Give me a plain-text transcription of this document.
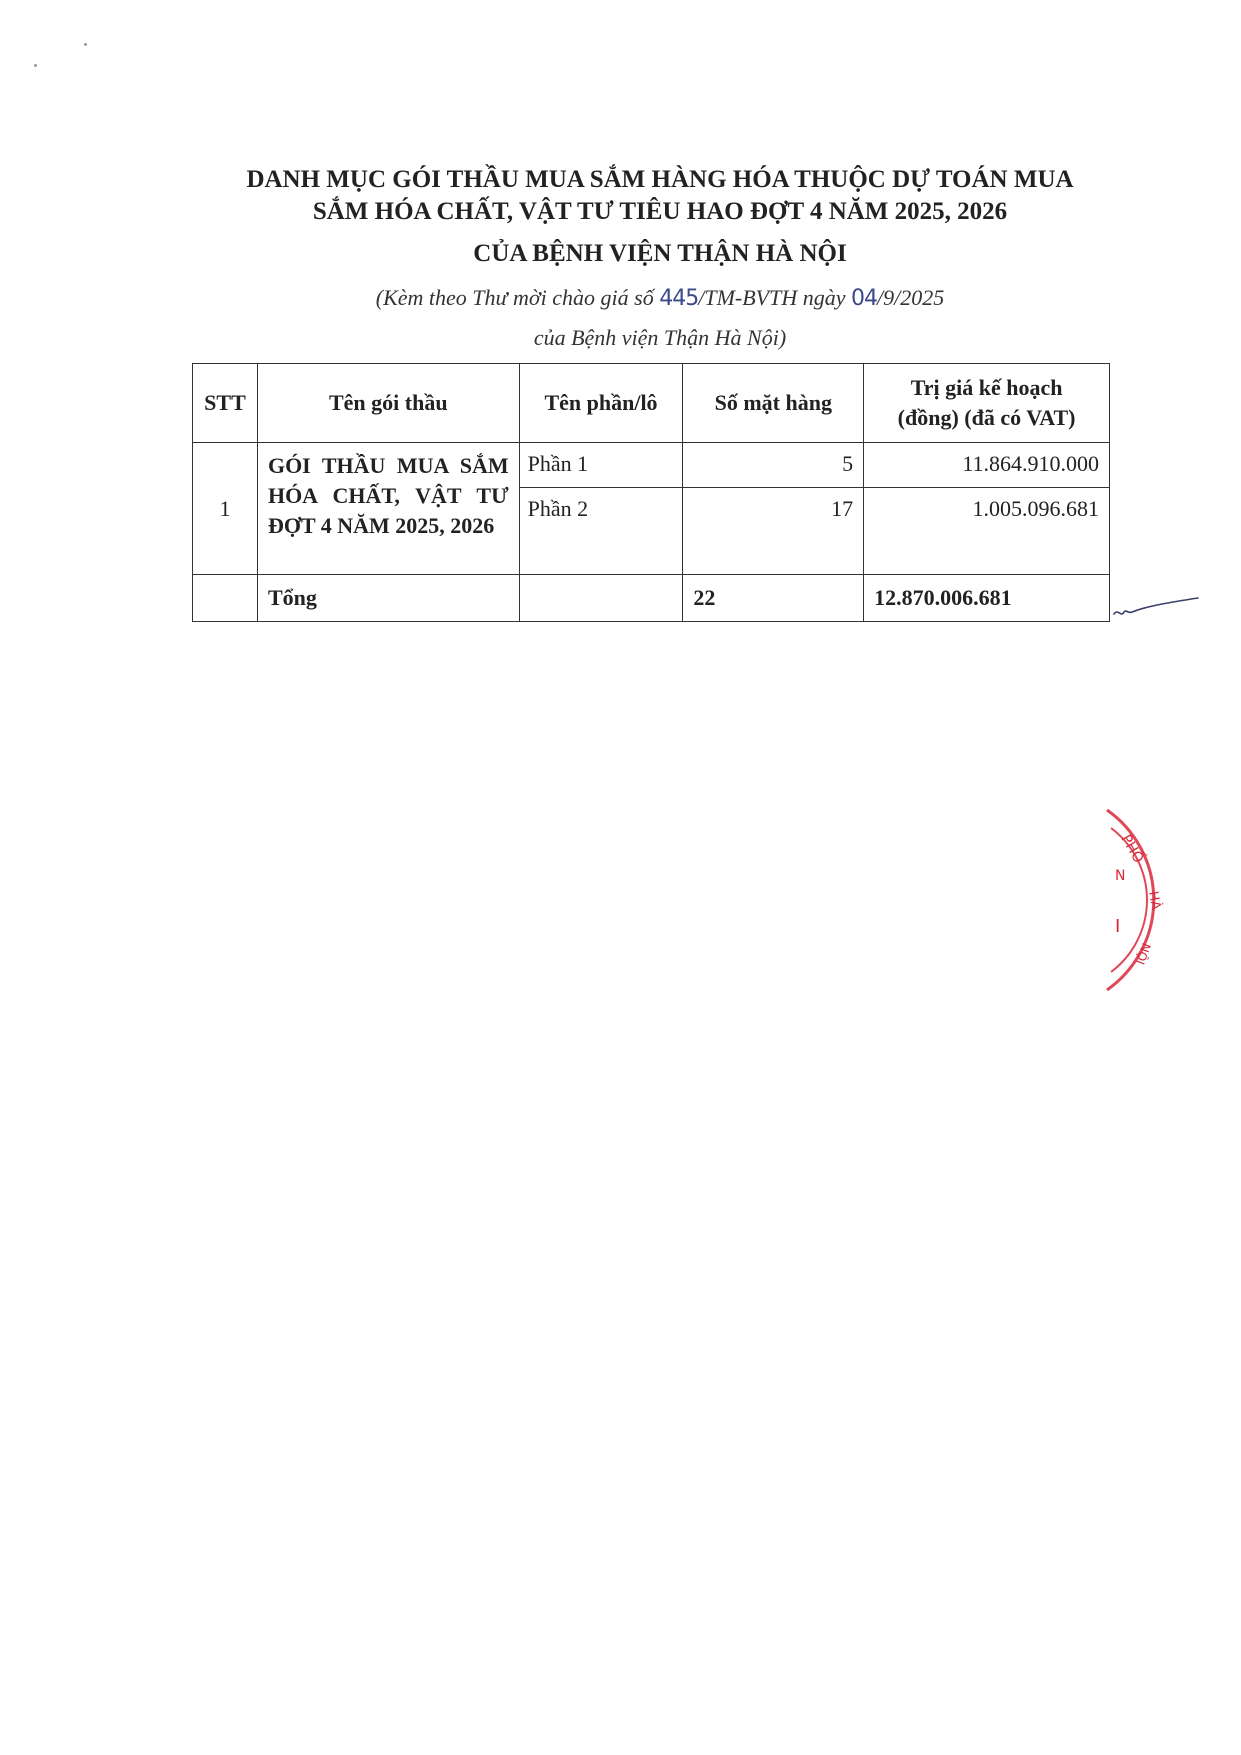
DANH MỤC GÓI THẦU MUA SẮM HÀNG HÓA THUỘC DỰ TOÁN MUA
SẮM HÓA CHẤT, VẬT TƯ TIÊU HAO ĐỢT 4 NĂM 2025, 2026
CỦA BỆNH VIỆN THẬN HÀ NỘI
(Kèm theo Thư mời chào giá số 445/TM-BVTH ngày 04/9/2025
của Bệnh viện Thận Hà Nội)
STT	Tên gói thầu	Tên phần/lô	Số mặt hàng	Trị giá kế hoạch (đồng) (đã có VAT)
1	GÓI THẦU MUA SẮM HÓA CHẤT, VẬT TƯ ĐỢT 4 NĂM 2025, 2026	Phần 1	5	11.864.910.000
		Phần 2	17	1.005.096.681
	Tổng		22	12.870.006.681
PHỐ
N
HÀ
I
NỘI
